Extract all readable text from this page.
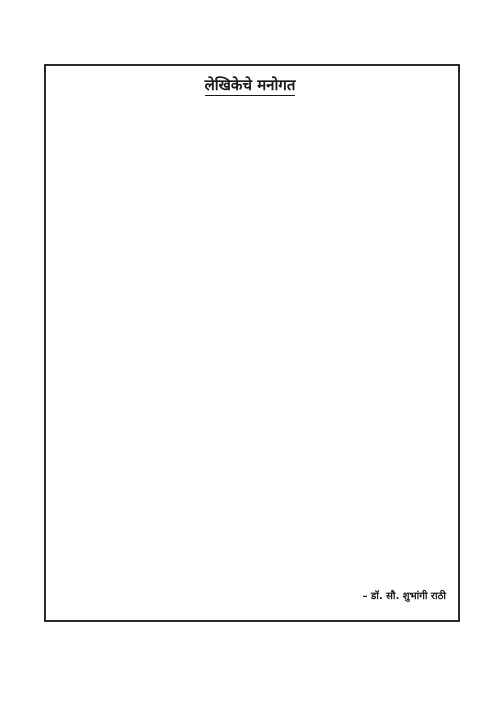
लेखिकेचे मनोगत

– डॉ. सौ. शुभांगी राठी
